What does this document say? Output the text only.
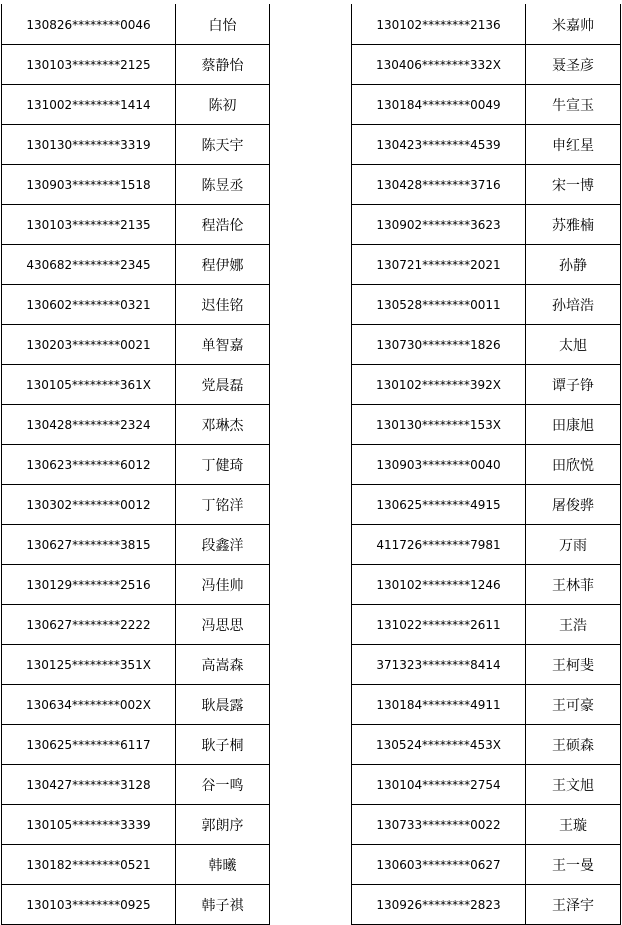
130826********0046	白怡
130103********2125	蔡静怡
131002********1414	陈初
130130********3319	陈天宇
130903********1518	陈昱丞
130103********2135	程浩伦
430682********2345	程伊娜
130602********0321	迟佳铭
130203********0021	单智嘉
130105********361X	党晨磊
130428********2324	邓琳杰
130623********6012	丁健琦
130302********0012	丁铭洋
130627********3815	段鑫洋
130129********2516	冯佳帅
130627********2222	冯思思
130125********351X	高嵩森
130634********002X	耿晨露
130625********6117	耿子桐
130427********3128	谷一鸣
130105********3339	郭朗序
130182********0521	韩曦
130103********0925	韩子祺
130102********2136	米嘉帅
130406********332X	聂圣彦
130184********0049	牛宣玉
130423********4539	申红星
130428********3716	宋一博
130902********3623	苏雅楠
130721********2021	孙静
130528********0011	孙培浩
130730********1826	太旭
130102********392X	谭子铮
130130********153X	田康旭
130903********0040	田欣悦
130625********4915	屠俊骅
411726********7981	万雨
130102********1246	王林菲
131022********2611	王浩
371323********8414	王柯斐
130184********4911	王可豪
130524********453X	王硕森
130104********2754	王文旭
130733********0022	王璇
130603********0627	王一曼
130926********2823	王泽宇
